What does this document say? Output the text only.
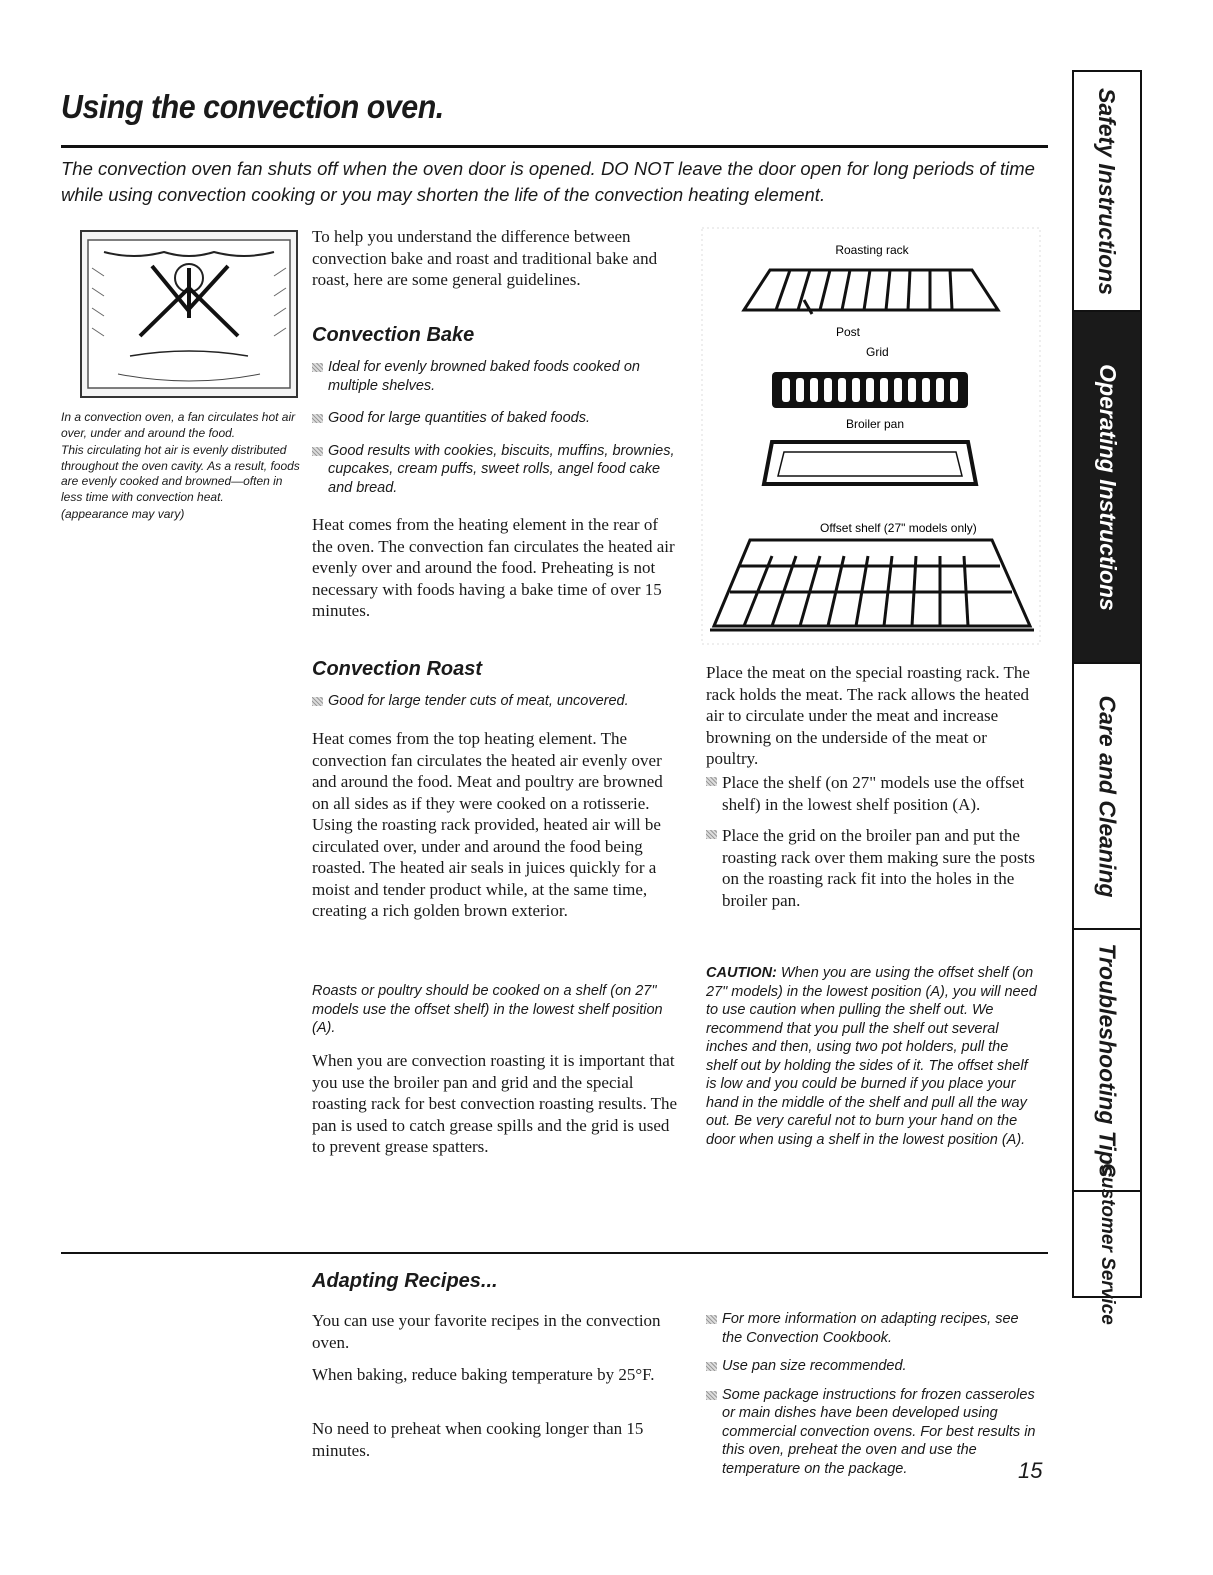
Using the convection oven.
The convection oven fan shuts off when the oven door is opened. DO NOT leave the door open for long periods of time while using convection cooking or you may shorten the life of the convection heating element.

In a convection oven, a fan circulates hot air over, under and around the food.

This circulating hot air is evenly distributed throughout the oven cavity. As a result, foods are evenly cooked and browned—often in less time with convection heat.

(appearance may vary)

To help you understand the difference between convection bake and roast and traditional bake and roast, here are some general guidelines.
Convection Bake
Ideal for evenly browned baked foods cooked on multiple shelves.
Good for large quantities of baked foods.
Good results with cookies, biscuits, muffins, brownies, cupcakes, cream puffs, sweet rolls, angel food cake and bread.
Heat comes from the heating element in the rear of the oven. The convection fan circulates the heated air evenly over and around the food. Preheating is not necessary with foods having a bake time of over 15 minutes.
Convection Roast
Good for large tender cuts of meat, uncovered.
Heat comes from the top heating element. The convection fan circulates the heated air evenly over and around the food. Meat and poultry are browned on all sides as if they were cooked on a rotisserie. Using the roasting rack provided, heated air will be circulated over, under and around the food being roasted. The heated air seals in juices quickly for a moist and tender product while, at the same time, creating a rich golden brown exterior.
Roasts or poultry should be cooked on a shelf (on 27" models use the offset shelf) in the lowest shelf position (A).
When you are convection roasting it is important that you use the broiler pan and grid and the special roasting rack for best convection roasting results. The pan is used to catch grease spills and the grid is used to prevent grease spatters.
Roasting rack
Post
Grid
Broiler pan
Offset shelf (27" models only)
Place the meat on the special roasting rack. The rack holds the meat. The rack allows the heated air to circulate under the meat and increase browning on the underside of the meat or poultry.
Place the shelf (on 27" models use the offset shelf) in the lowest shelf position (A).
Place the grid on the broiler pan and put the roasting rack over them making sure the posts on the roasting rack fit into the holes in the broiler pan.
CAUTION: When you are using the offset shelf (on 27" models) in the lowest position (A), you will need to use caution when pulling the shelf out. We recommend that you pull the shelf out several inches and then, using two pot holders, pull the shelf out by holding the sides of it. The offset shelf is low and you could be burned if you place your hand in the middle of the shelf and pull all the way out. Be very careful not to burn your hand on the door when using a shelf in the lowest position (A).
Adapting Recipes...
You can use your favorite recipes in the convection oven.
When baking, reduce baking temperature by 25°F.
No need to preheat when cooking longer than 15 minutes.
For more information on adapting recipes, see the Convection Cookbook.
Use pan size recommended.
Some package instructions for frozen casseroles or main dishes have been developed using commercial convection ovens. For best results in this oven, preheat the oven and use the temperature on the package.	15
Safety Instructions
Operating Instructions
Care and Cleaning
Troubleshooting Tips
Customer Service
